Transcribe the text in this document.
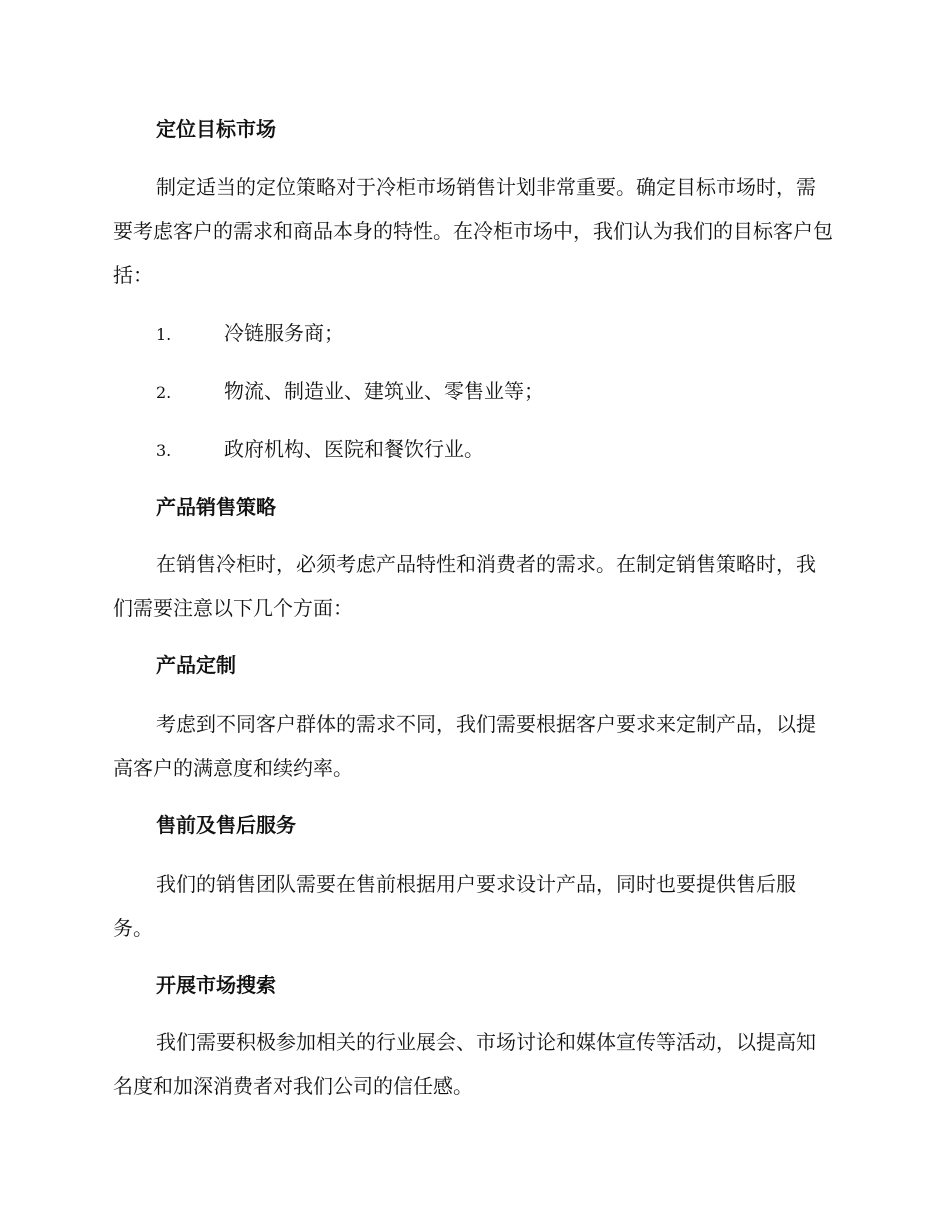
定位目标市场
制定适当的定位策略对于冷柜市场销售计划非常重要。确定目标市场时，需要考虑客户的需求和商品本身的特性。在冷柜市场中，我们认为我们的目标客户包括：
1.	冷链服务商；
2.	物流、制造业、建筑业、零售业等；
3.	政府机构、医院和餐饮行业。
产品销售策略
在销售冷柜时，必须考虑产品特性和消费者的需求。在制定销售策略时，我们需要注意以下几个方面：
产品定制
考虑到不同客户群体的需求不同，我们需要根据客户要求来定制产品，以提高客户的满意度和续约率。
售前及售后服务
我们的销售团队需要在售前根据用户要求设计产品，同时也要提供售后服务。
开展市场搜索
我们需要积极参加相关的行业展会、市场讨论和媒体宣传等活动，以提高知名度和加深消费者对我们公司的信任感。
